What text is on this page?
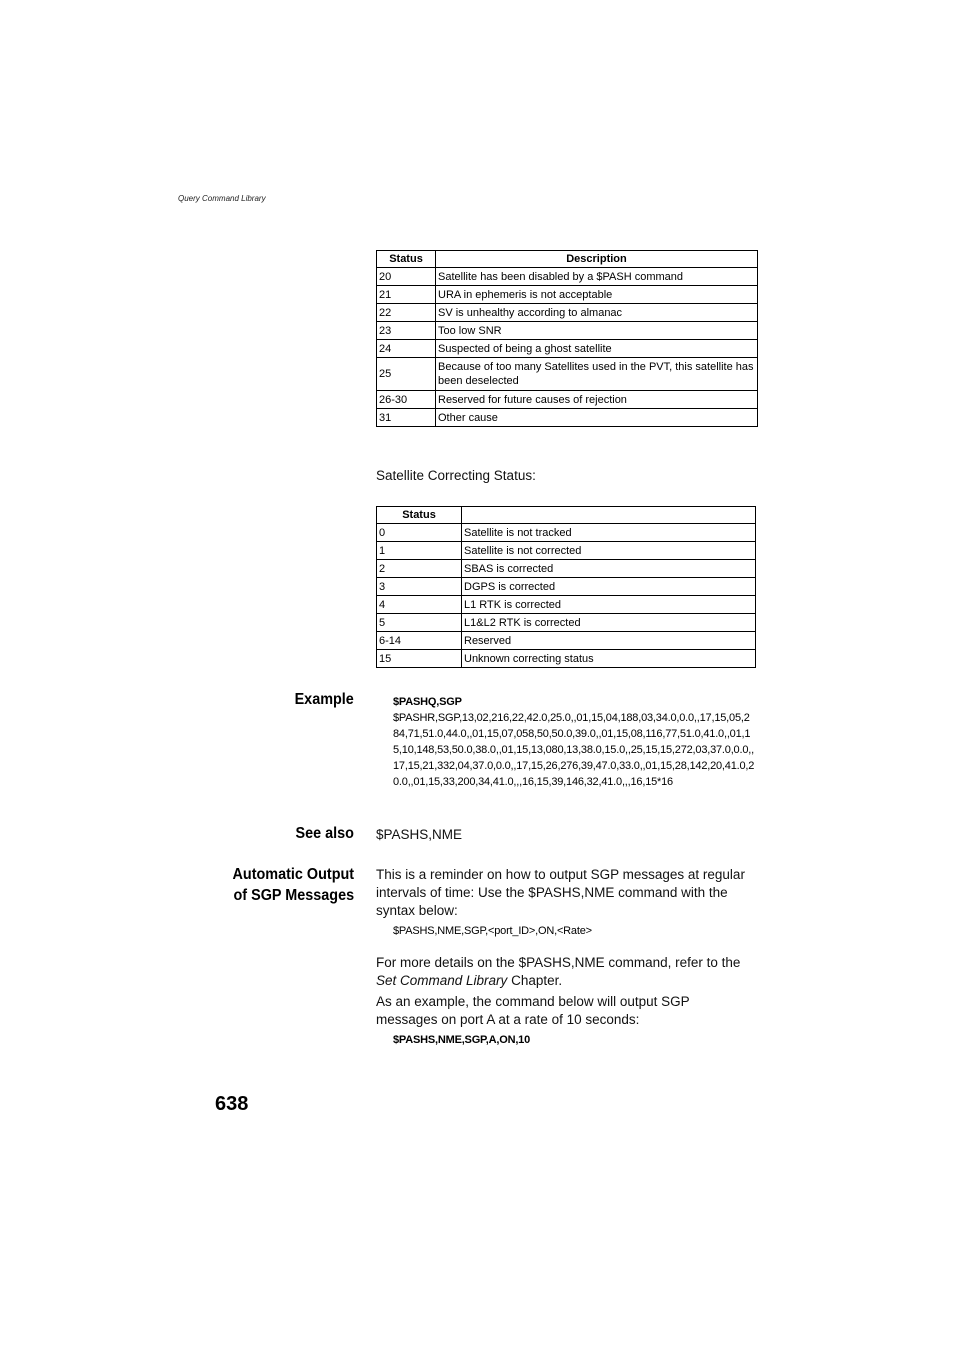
Query Command Library
Status	Description
20	Satellite has been disabled by a $PASH command
21	URA in ephemeris is not acceptable
22	SV is unhealthy according to almanac
23	Too low SNR
24	Suspected of being a ghost satellite
25	Because of too many Satellites used in the PVT, this satellite has been deselected
26-30	Reserved for future causes of rejection
31	Other cause
Satellite Correcting Status:
Status	
0	Satellite is not tracked
1	Satellite is not corrected
2	SBAS is corrected
3	DGPS is corrected
4	L1 RTK is corrected
5	L1&L2 RTK is corrected
6-14	Reserved
15	Unknown correcting status
Example	$PASHQ,SGP
$PASHR,SGP,13,02,216,22,42.0,25.0,,01,15,04,188,03,34.0,0.0,,17,15,05,284,71,51.0,44.0,,01,15,07,058,50,50.0,39.0,,01,15,08,116,77,51.0,41.0,,01,15,10,148,53,50.0,38.0,,01,15,13,080,13,38.0,15.0,,25,15,15,272,03,37.0,0.0,,17,15,21,332,04,37.0,0.0,,17,15,26,276,39,47.0,33.0,,01,15,28,142,20,41.0,20.0,,01,15,33,200,34,41.0,,,16,15,39,146,32,41.0,,,16,15*16
See also $PASHS,NME
Automatic Output
of SGP Messages
This is a reminder on how to output SGP messages at regular intervals of time: Use the $PASHS,NME command with the syntax below:
$PASHS,NME,SGP,<port_ID>,ON,<Rate>
For more details on the $PASHS,NME command, refer to the Set Command Library Chapter.
As an example, the command below will output SGP messages on port A at a rate of 10 seconds:
$PASHS,NME,SGP,A,ON,10
638
